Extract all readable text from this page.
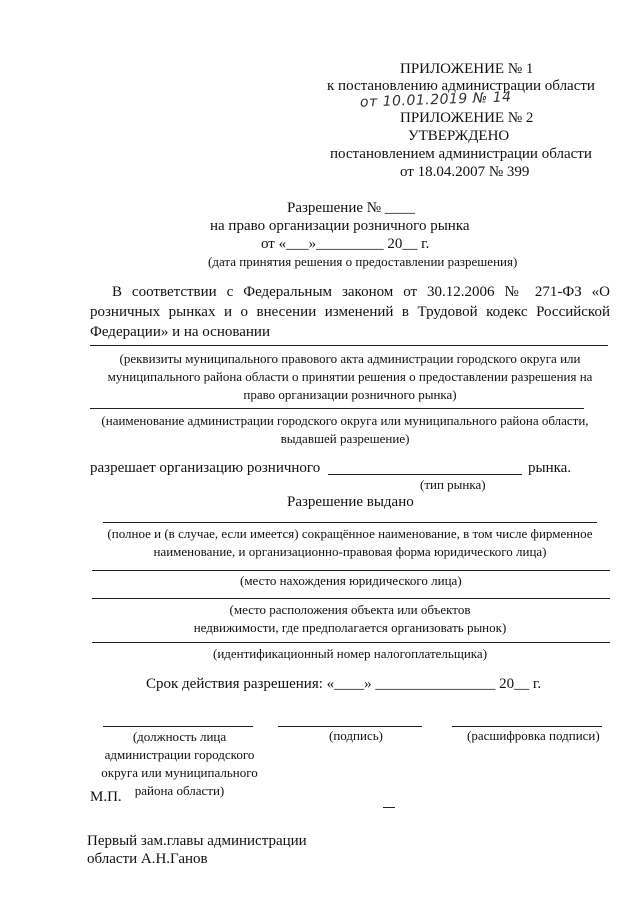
ПРИЛОЖЕНИЕ № 1
к постановлению администрации области
от 10.01.2019 № 14
ПРИЛОЖЕНИЕ № 2
УТВЕРЖДЕНО
постановлением администрации области
от 18.04.2007 № 399
Разрешение № ____
на право организации розничного рынка
от «___»_________ 20__ г.
(дата принятия решения о предоставлении разрешения)
В соответствии с Федеральным законом от 30.12.2006 № 271-ФЗ «О розничных рынках и о внесении изменений в Трудовой кодекс Российской Федерации» и на основании
(реквизиты муниципального правового акта администрации городского округа или муниципального района области о принятии решения о предоставлении разрешения на право организации розничного рынка)
(наименование администрации городского округа или муниципального района области, выдавшей разрешение)
разрешает организацию розничного	рынка.
(тип рынка)
Разрешение выдано
(полное и (в случае, если имеется) сокращённое наименование, в том числе фирменное наименование, и организационно-правовая форма юридического лица)
(место нахождения юридического лица)
(место расположения объекта или объектов недвижимости, где предполагается организовать рынок)
(идентификационный номер налогоплательщика)
Срок действия разрешения: «____» ________________ 20__ г.
(должность лица администрации городского округа или муниципального района области)
(подпись)	(расшифровка подписи)
М.П.
Первый зам.главы администрации
области А.Н.Ганов
